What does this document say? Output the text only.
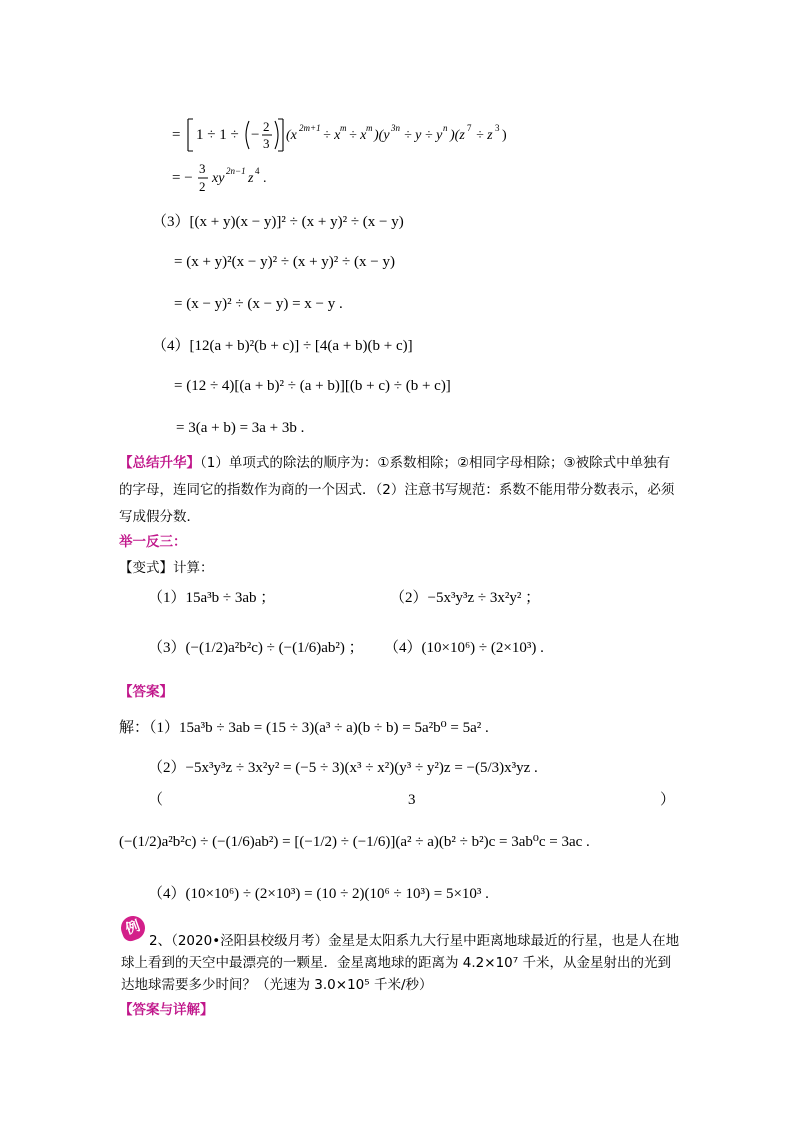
= 1 ÷ 1 ÷ −
2
3
(x 2m+1 ÷ x m ÷ x m )(y 3n ÷ y ÷ y n )(z 7 ÷ z 3 )
= −
3
2
xy 2n−1 z 4 .
（3）[(x + y)(x − y)]² ÷ (x + y)² ÷ (x − y)
= (x + y)²(x − y)² ÷ (x + y)² ÷ (x − y)
= (x − y)² ÷ (x − y) = x − y .
（4）[12(a + b)²(b + c)] ÷ [4(a + b)(b + c)]
= (12 ÷ 4)[(a + b)² ÷ (a + b)][(b + c) ÷ (b + c)]
= 3(a + b) = 3a + 3b .
【总结升华】（1）单项式的除法的顺序为：①系数相除；②相同字母相除；③被除式中单独有的字母，连同它的指数作为商的一个因式．（2）注意书写规范：系数不能用带分数表示，必须写成假分数．
举一反三：
【变式】计算：
（1）15a³b ÷ 3ab ；	（2）−5x³y³z ÷ 3x²y² ；
（3）(−(1/2)a²b²c) ÷ (−(1/6)ab²) ； （4）(10×10⁶) ÷ (2×10³) .
【答案】
解：（1）15a³b ÷ 3ab = (15 ÷ 3)(a³ ÷ a)(b ÷ b) = 5a²b⁰ = 5a² .
（2）−5x³y³z ÷ 3x²y² = (−5 ÷ 3)(x³ ÷ x²)(y³ ÷ y²)z = −(5/3)x³yz .
（	3	）
(−(1/2)a²b²c) ÷ (−(1/6)ab²) = [(−1/2) ÷ (−1/6)](a² ÷ a)(b² ÷ b²)c = 3ab⁰c = 3ac .
（4）(10×10⁶) ÷ (2×10³) = (10 ÷ 2)(10⁶ ÷ 10³) = 5×10³ .
例
2、（2020•泾阳县校级月考）金星是太阳系九大行星中距离地球最近的行星，也是人在地球上看到的天空中最漂亮的一颗星．金星离地球的距离为 4.2×10⁷ 千米，从金星射出的光到达地球需要多少时间？（光速为 3.0×10⁵ 千米/秒）
【答案与详解】
